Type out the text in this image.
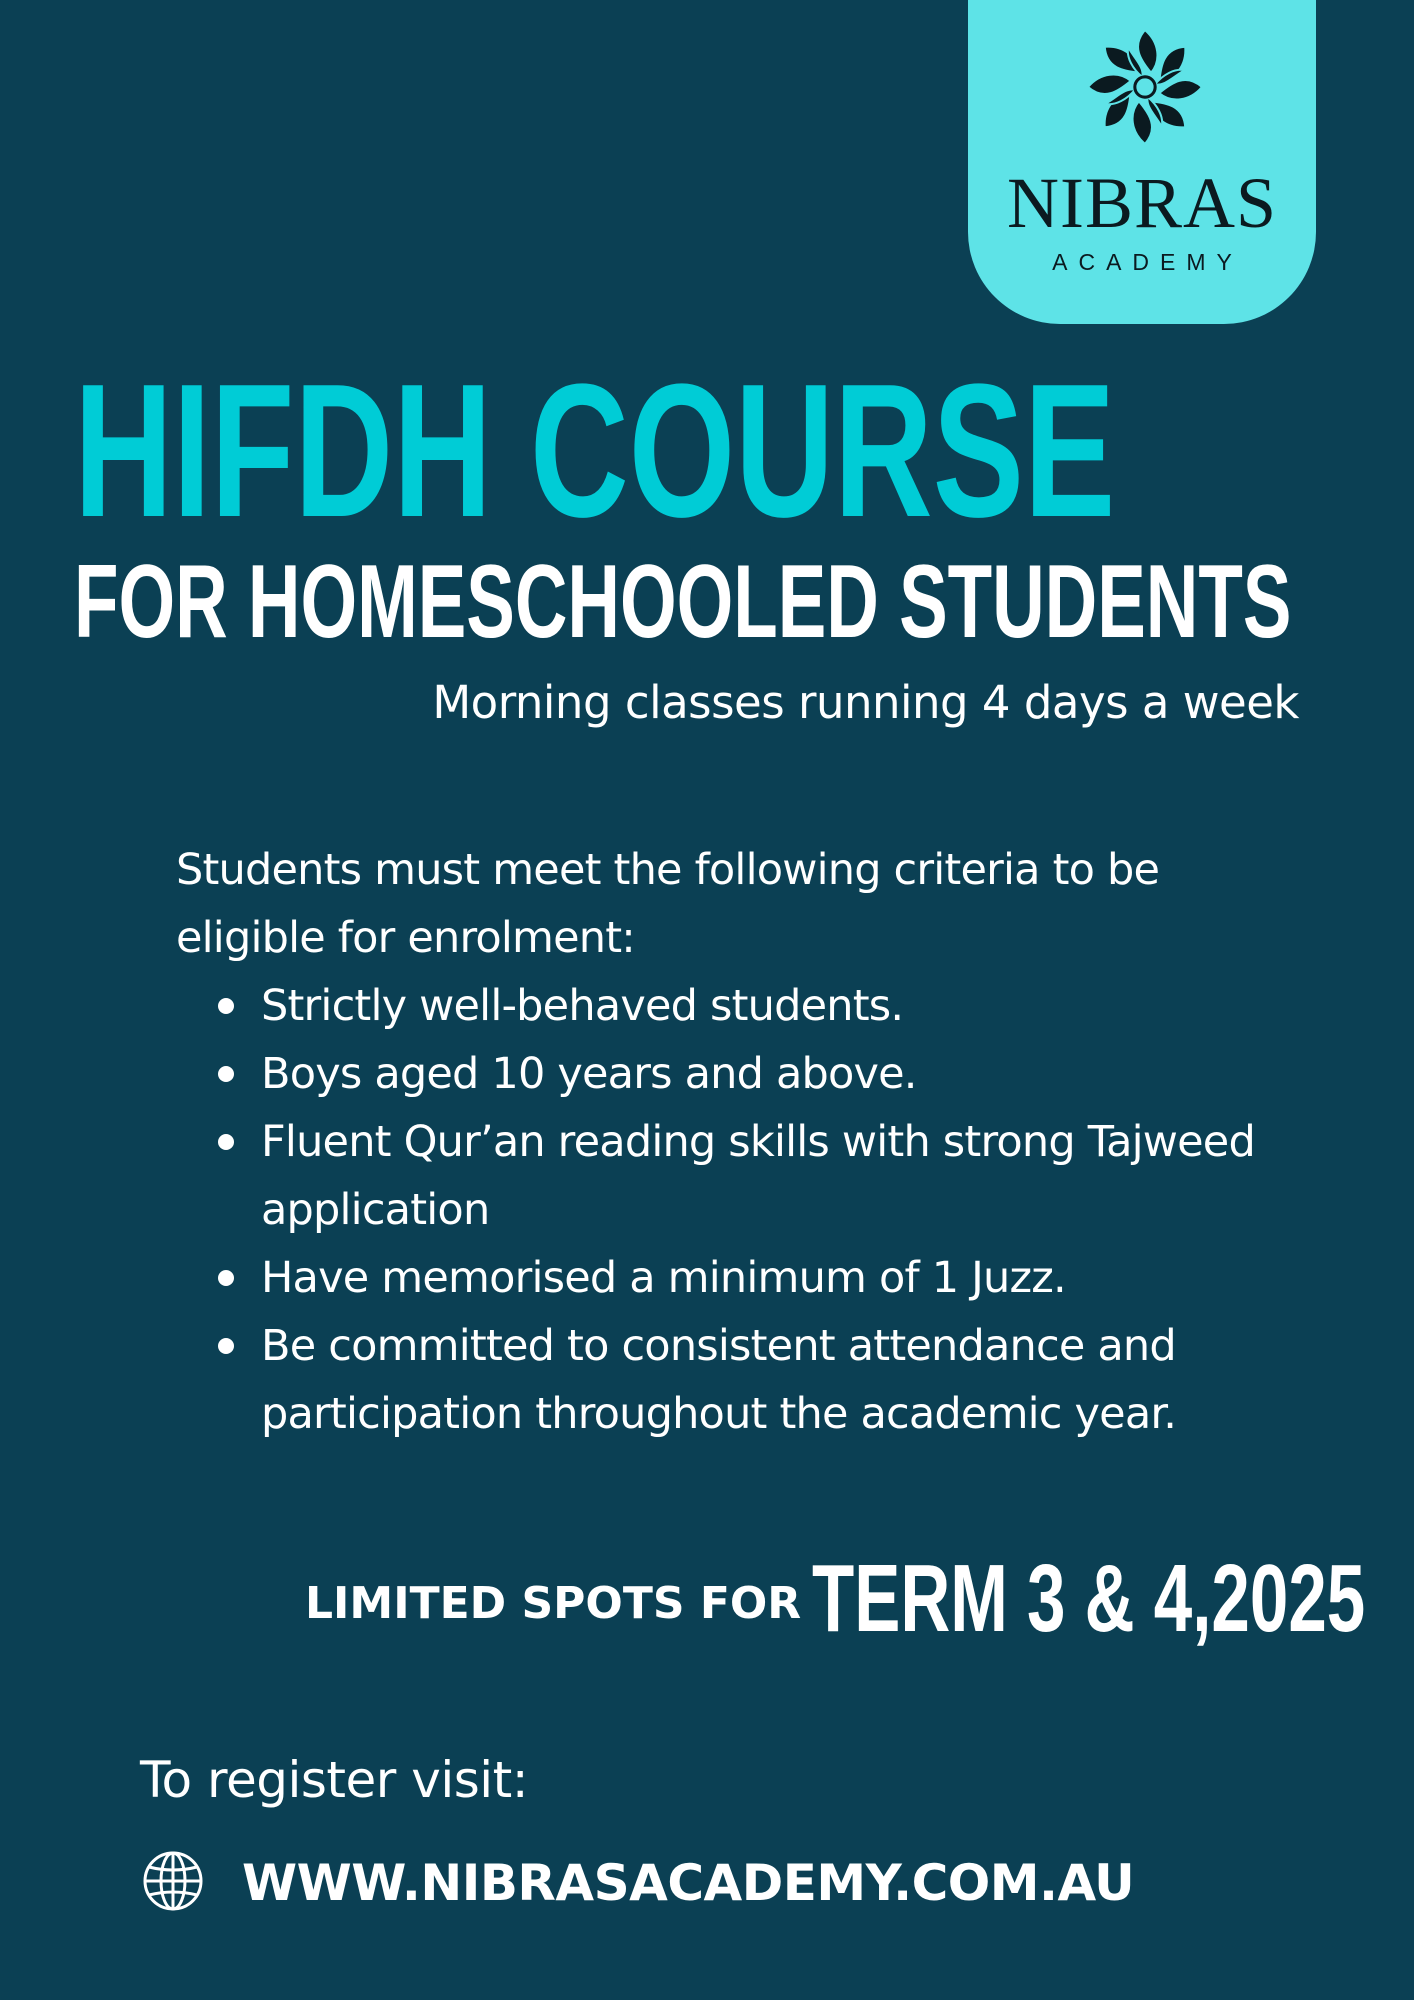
NIBRAS
ACADEMY
HIFDH COURSE
FOR HOMESCHOOLED STUDENTS

Morning classes running 4 days a week

Students must meet the following criteria to be eligible for enrolment:

Strictly well-behaved students.
Boys aged 10 years and above.
Fluent Qur’an reading skills with strong Tajweed application
Have memorised a minimum of 1 Juzz.
Be committed to consistent attendance and participation throughout the academic year.

LIMITED SPOTS FOR TERM 3 & 4,2025

To register visit:

WWW.NIBRASACADEMY.COM.AU
